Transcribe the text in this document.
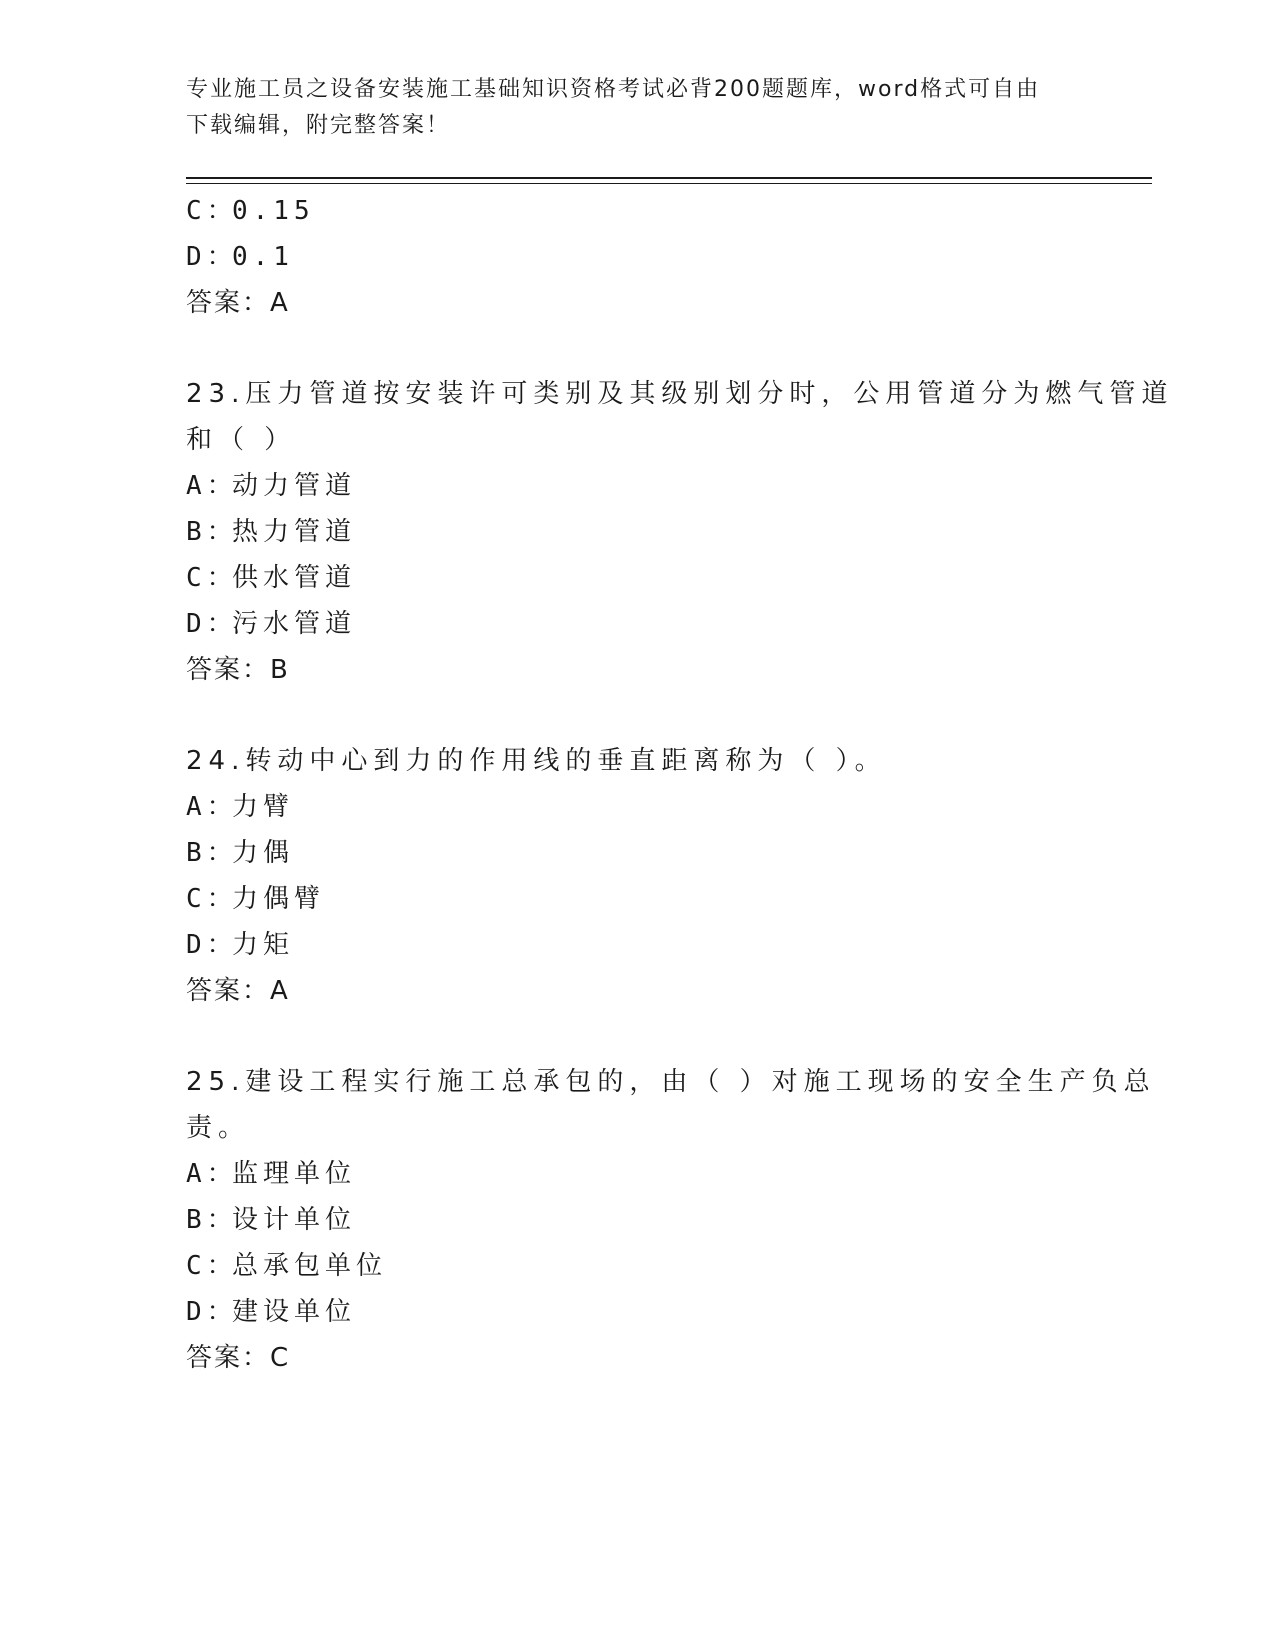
专业施工员之设备安装施工基础知识资格考试必背200题题库，word格式可自由
下载编辑，附完整答案！
C：0.15
D：0.1
答案：A
23.压力管道按安装许可类别及其级别划分时，公用管道分为燃气管道
和（ ）
A：动力管道
B：热力管道
C：供水管道
D：污水管道
答案：B
24.转动中心到力的作用线的垂直距离称为（ ）。
A：力臂
B：力偶
C：力偶臂
D：力矩
答案：A
25.建设工程实行施工总承包的，由（ ）对施工现场的安全生产负总
责。
A：监理单位
B：设计单位
C：总承包单位
D：建设单位
答案：C
